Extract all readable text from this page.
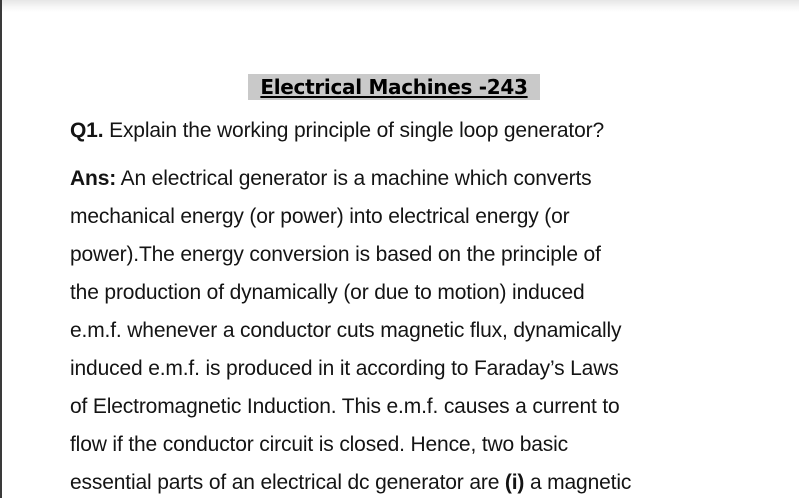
Electrical Machines -243
Q1. Explain the working principle of single loop generator?
Ans: An electrical generator is a machine which converts
mechanical energy (or power) into electrical energy (or
power).The energy conversion is based on the principle of
the production of dynamically (or due to motion) induced
e.m.f. whenever a conductor cuts magnetic flux, dynamically
induced e.m.f. is produced in it according to Faraday’s Laws
of Electromagnetic Induction. This e.m.f. causes a current to
flow if the conductor circuit is closed. Hence, two basic
essential parts of an electrical dc generator are (i) a magnetic
